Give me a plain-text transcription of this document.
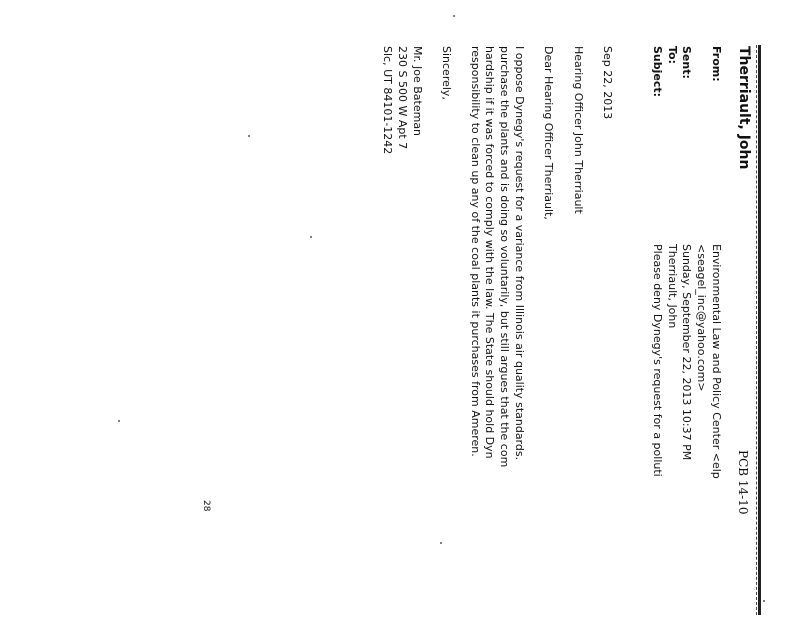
Therriault, John
PCB 14-10
From:
Environmental Law and Policy Center <elp
<seagel_inc@yahoo.com>
Sent:
Sunday, September 22, 2013 10:37 PM
To:
Therriault, John
Subject:
Please deny Dynegy's request for a polluti
Sep 22, 2013
Hearing Officer John Therriault
Dear Hearing Officer Therriault,
I oppose Dynegy's request for a variance from Illinois air quality standards.
purchase the plants and is doing so voluntarily, but still argues that the com
hardship if it was forced to comply with the law. The State should hold Dyn
responsibility to clean up any of the coal plants it purchases from Ameren.
Sincerely,
Mr. Joe Bateman
230 S 500 W Apt 7
Slc, UT 84101-1242
28
